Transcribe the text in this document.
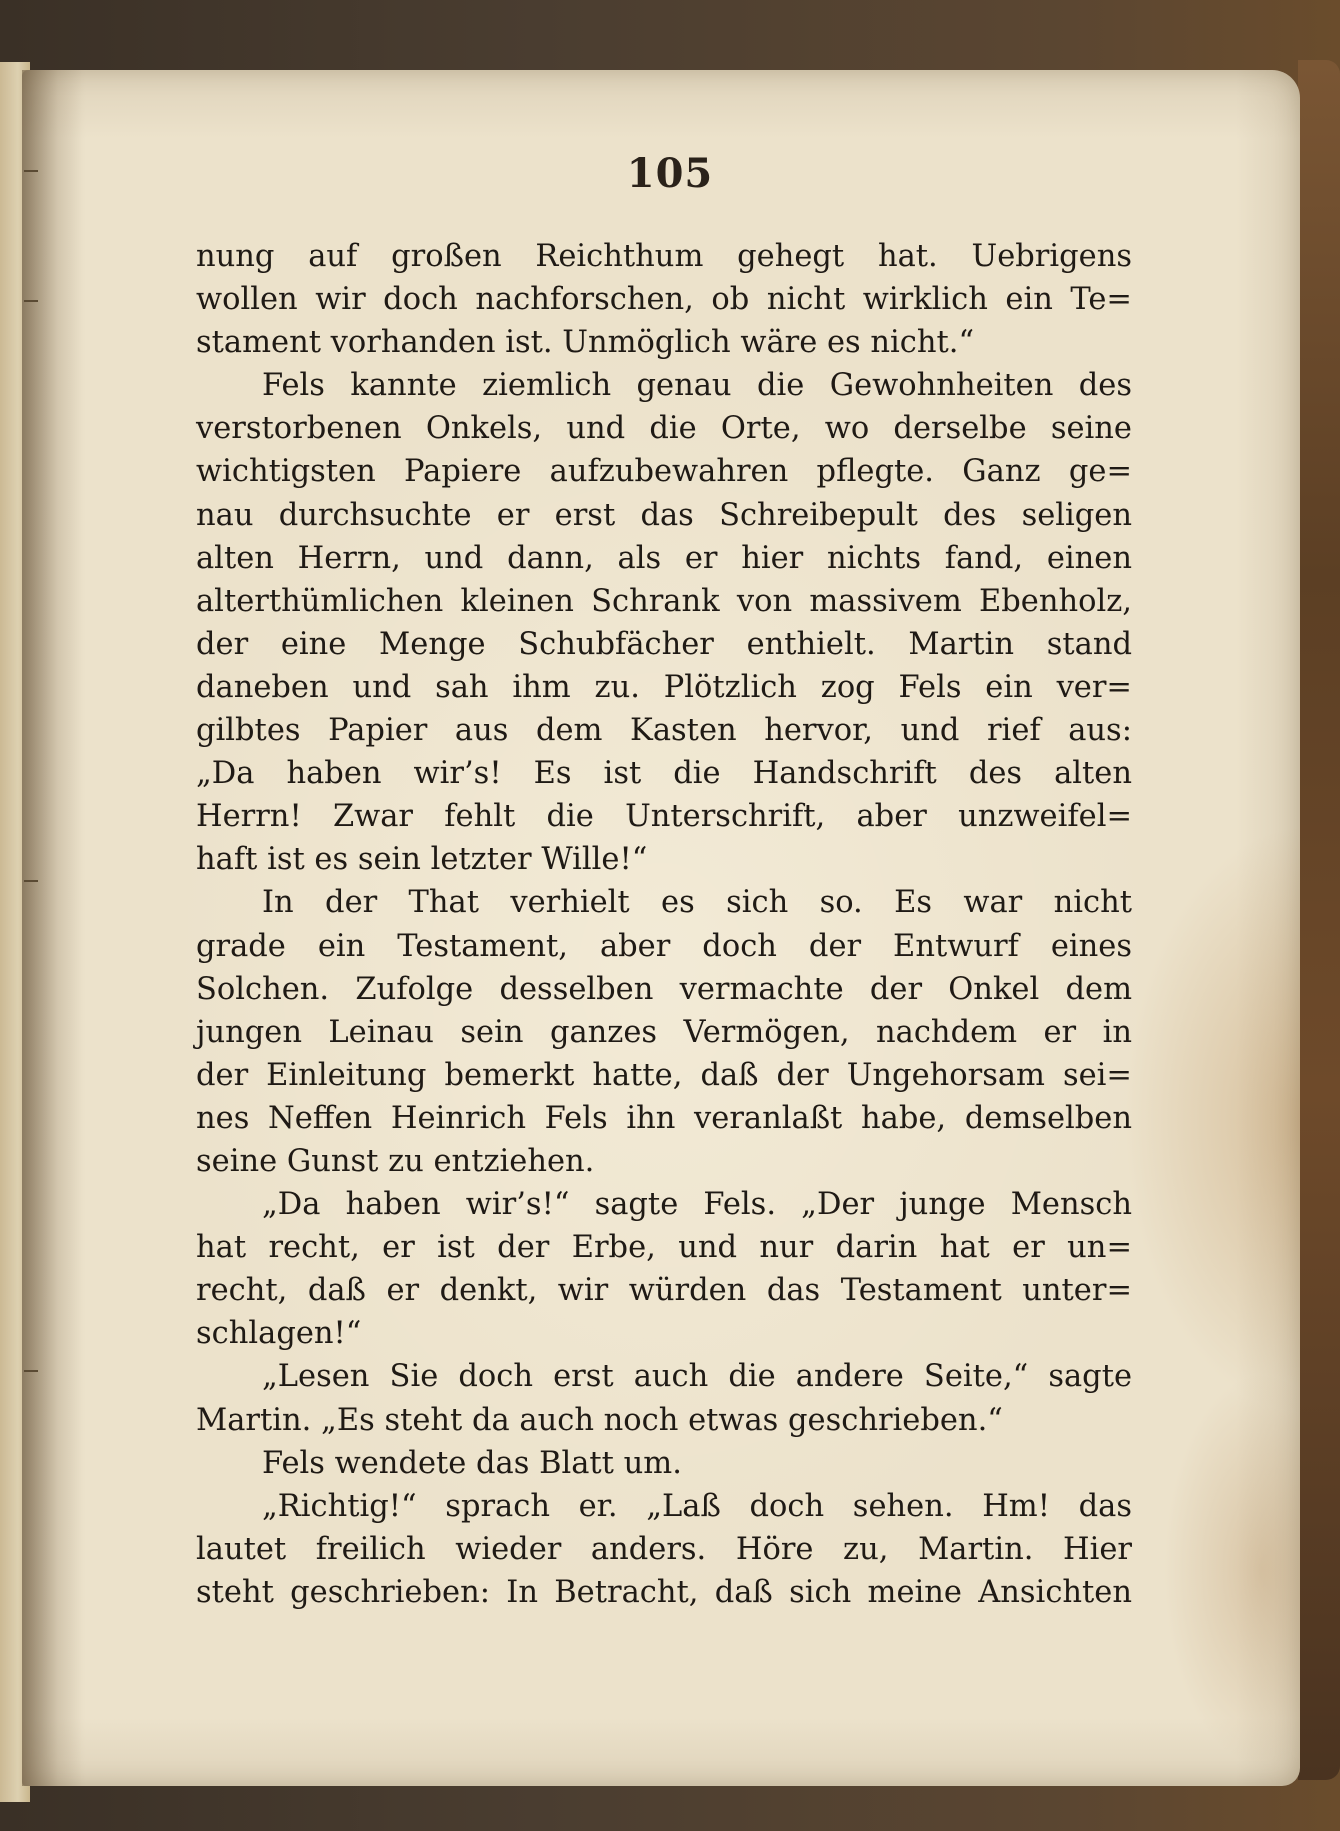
105
nung auf großen Reichthum gehegt hat. Uebrigens
wollen wir doch nachforschen, ob nicht wirklich ein Te=
stament vorhanden ist. Unmöglich wäre es nicht.“
Fels kannte ziemlich genau die Gewohnheiten des
verstorbenen Onkels, und die Orte, wo derselbe seine
wichtigsten Papiere aufzubewahren pflegte. Ganz ge=
nau durchsuchte er erst das Schreibepult des seligen
alten Herrn, und dann, als er hier nichts fand, einen
alterthümlichen kleinen Schrank von massivem Ebenholz,
der eine Menge Schubfächer enthielt. Martin stand
daneben und sah ihm zu. Plötzlich zog Fels ein ver=
gilbtes Papier aus dem Kasten hervor, und rief aus:
„Da haben wir’s! Es ist die Handschrift des alten
Herrn! Zwar fehlt die Unterschrift, aber unzweifel=
haft ist es sein letzter Wille!“
In der That verhielt es sich so. Es war nicht
grade ein Testament, aber doch der Entwurf eines
Solchen. Zufolge desselben vermachte der Onkel dem
jungen Leinau sein ganzes Vermögen, nachdem er in
der Einleitung bemerkt hatte, daß der Ungehorsam sei=
nes Neffen Heinrich Fels ihn veranlaßt habe, demselben
seine Gunst zu entziehen.
„Da haben wir’s!“ sagte Fels. „Der junge Mensch
hat recht, er ist der Erbe, und nur darin hat er un=
recht, daß er denkt, wir würden das Testament unter=
schlagen!“
„Lesen Sie doch erst auch die andere Seite,“ sagte
Martin. „Es steht da auch noch etwas geschrieben.“
Fels wendete das Blatt um.
„Richtig!“ sprach er. „Laß doch sehen. Hm! das
lautet freilich wieder anders. Höre zu, Martin. Hier
steht geschrieben: In Betracht, daß sich meine Ansichten
